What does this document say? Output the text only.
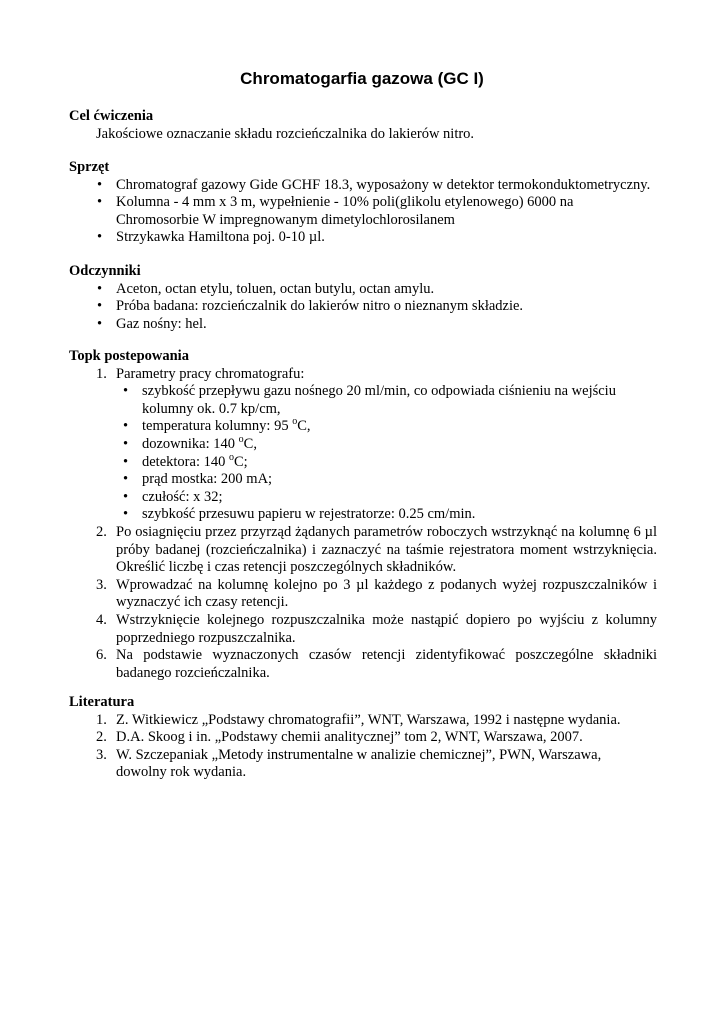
Chromatogarfia gazowa (GC I)

Cel ćwiczenia

Jakościowe oznaczanie składu rozcieńczalnika do lakierów nitro.

Sprzęt

• Chromatograf gazowy Gide GCHF 18.3, wyposażony w detektor termokonduktometryczny.
• Kolumna - 4 mm x 3 m, wypełnienie - 10% poli(glikolu etylenowego) 6000 na Chromosorbie W impregnowanym dimetylochlorosilanem
• Strzykawka Hamiltona poj. 0-10 µl.

Odczynniki

• Aceton, octan etylu, toluen, octan butylu, octan amylu.
• Próba badana: rozcieńczalnik do lakierów nitro o nieznanym składzie.
• Gaz nośny: hel.

Topk postepowania

1. Parametry pracy chromatografu:
• szybkość przepływu gazu nośnego 20 ml/min, co odpowiada ciśnieniu na wejściu kolumny ok. 0.7 kp/cm,
• temperatura kolumny: 95 $^o$C,
• dozownika: 140 $^o$C,
• detektora: 140 $^o$C;
• prąd mostka: 200 mA;
• czułość: x 32;
• szybkość przesuwu papieru w rejestratorze: 0.25 cm/min.
2. Po osiagnięciu przez przyrząd żądanych parametrów roboczych wstrzyknąć na kolumnę 6 µl próby badanej (rozcieńczalnika) i zaznaczyć na taśmie rejestratora moment wstrzyknięcia. Określić liczbę i czas retencji poszczególnych składników.
3. Wprowadzać na kolumnę kolejno po 3 µl każdego z podanych wyżej rozpuszczalników i wyznaczyć ich czasy retencji.
4. Wstrzyknięcie kolejnego rozpuszczalnika może nastąpić dopiero po wyjściu z kolumny poprzedniego rozpuszczalnika.
6. Na podstawie wyznaczonych czasów retencji zidentyfikować poszczególne składniki badanego rozcieńczalnika.

Literatura

1. Z. Witkiewicz „Podstawy chromatografii”, WNT, Warszawa, 1992 i następne wydania.
2. D.A. Skoog i in. „Podstawy chemii analitycznej” tom 2, WNT, Warszawa, 2007.
3. W. Szczepaniak „Metody instrumentalne w analizie chemicznej”, PWN, Warszawa, dowolny rok wydania.
